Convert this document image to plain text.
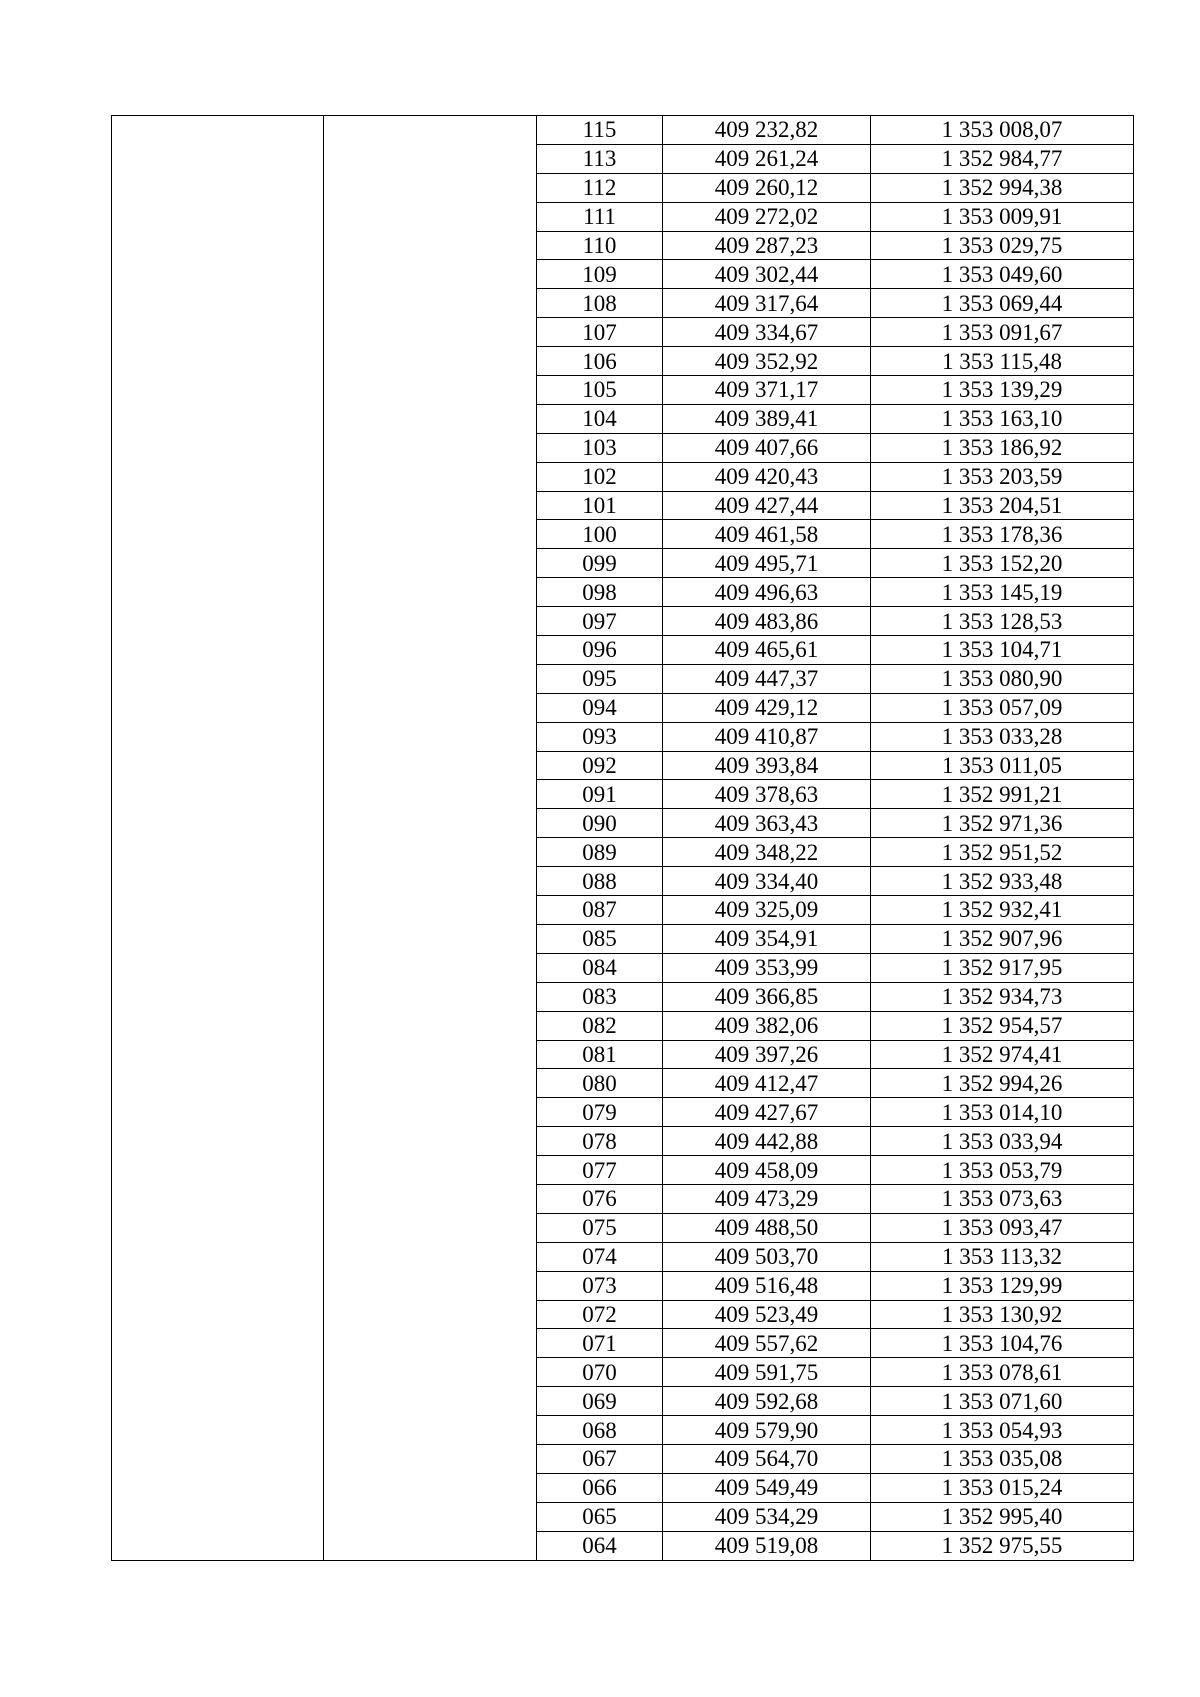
		115	409 232,82	1 353 008,07
		113	409 261,24	1 352 984,77
		112	409 260,12	1 352 994,38
		111	409 272,02	1 353 009,91
		110	409 287,23	1 353 029,75
		109	409 302,44	1 353 049,60
		108	409 317,64	1 353 069,44
		107	409 334,67	1 353 091,67
		106	409 352,92	1 353 115,48
		105	409 371,17	1 353 139,29
		104	409 389,41	1 353 163,10
		103	409 407,66	1 353 186,92
		102	409 420,43	1 353 203,59
		101	409 427,44	1 353 204,51
		100	409 461,58	1 353 178,36
		099	409 495,71	1 353 152,20
		098	409 496,63	1 353 145,19
		097	409 483,86	1 353 128,53
		096	409 465,61	1 353 104,71
		095	409 447,37	1 353 080,90
		094	409 429,12	1 353 057,09
		093	409 410,87	1 353 033,28
		092	409 393,84	1 353 011,05
		091	409 378,63	1 352 991,21
		090	409 363,43	1 352 971,36
		089	409 348,22	1 352 951,52
		088	409 334,40	1 352 933,48
		087	409 325,09	1 352 932,41
		085	409 354,91	1 352 907,96
		084	409 353,99	1 352 917,95
		083	409 366,85	1 352 934,73
		082	409 382,06	1 352 954,57
		081	409 397,26	1 352 974,41
		080	409 412,47	1 352 994,26
		079	409 427,67	1 353 014,10
		078	409 442,88	1 353 033,94
		077	409 458,09	1 353 053,79
		076	409 473,29	1 353 073,63
		075	409 488,50	1 353 093,47
		074	409 503,70	1 353 113,32
		073	409 516,48	1 353 129,99
		072	409 523,49	1 353 130,92
		071	409 557,62	1 353 104,76
		070	409 591,75	1 353 078,61
		069	409 592,68	1 353 071,60
		068	409 579,90	1 353 054,93
		067	409 564,70	1 353 035,08
		066	409 549,49	1 353 015,24
		065	409 534,29	1 352 995,40
		064	409 519,08	1 352 975,55
